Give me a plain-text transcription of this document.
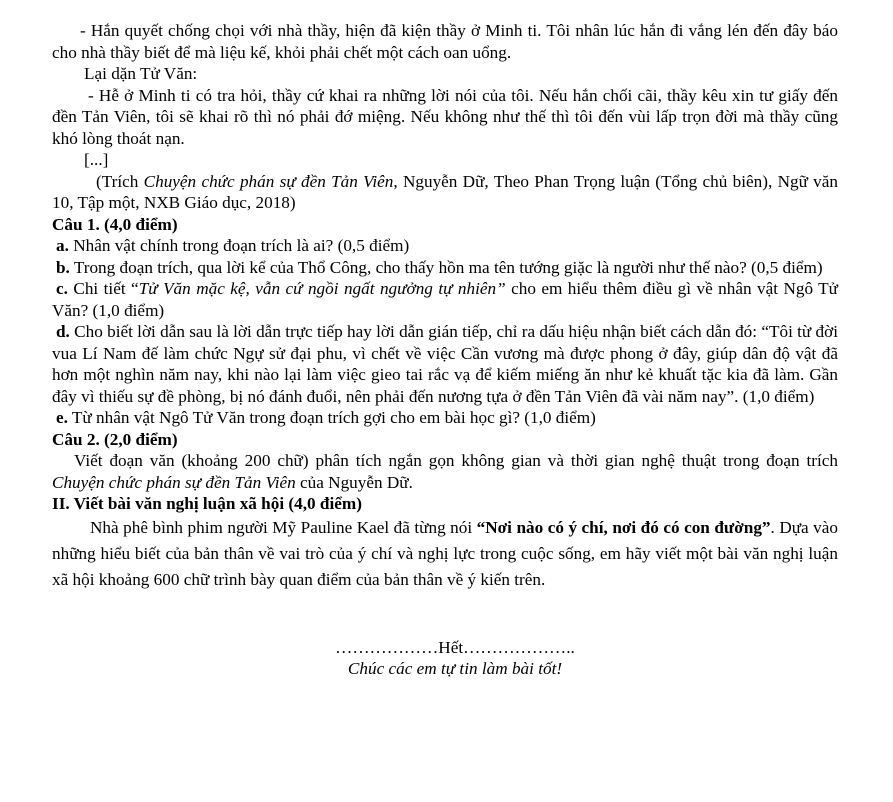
- Hắn quyết chống chọi với nhà thầy, hiện đã kiện thầy ở Minh ti. Tôi nhân lúc hắn đi vắng lén đến đây báo cho nhà thầy biết để mà liệu kế, khỏi phải chết một cách oan uổng.

Lại dặn Tử Văn:

- Hễ ở Minh ti có tra hỏi, thầy cứ khai ra những lời nói của tôi. Nếu hắn chối cãi, thầy kêu xin tư giấy đến đền Tản Viên, tôi sẽ khai rõ thì nó phải đớ miệng. Nếu không như thế thì tôi đến vùi lấp trọn đời mà thầy cũng khó lòng thoát nạn.

[...]

(Trích Chuyện chức phán sự đền Tản Viên, Nguyễn Dữ, Theo Phan Trọng luận (Tổng chủ biên), Ngữ văn 10, Tập một, NXB Giáo dục, 2018)

Câu 1. (4,0 điểm)

a. Nhân vật chính trong đoạn trích là ai? (0,5 điểm)

b. Trong đoạn trích, qua lời kể của Thổ Công, cho thấy hồn ma tên tướng giặc là người như thế nào? (0,5 điểm)

c. Chi tiết “Tử Văn mặc kệ, vẫn cứ ngồi ngất ngưởng tự nhiên” cho em hiểu thêm điều gì về nhân vật Ngô Tử Văn? (1,0 điểm)

d. Cho biết lời dẫn sau là lời dẫn trực tiếp hay lời dẫn gián tiếp, chỉ ra dấu hiệu nhận biết cách dẫn đó: “Tôi từ đời vua Lí Nam đế làm chức Ngự sử đại phu, vì chết về việc Cần vương mà được phong ở đây, giúp dân độ vật đã hơn một nghìn năm nay, khi nào lại làm việc gieo tai rắc vạ để kiếm miếng ăn như kẻ khuất tặc kia đã làm. Gần đây vì thiếu sự đề phòng, bị nó đánh đuổi, nên phải đến nương tựa ở đền Tản Viên đã vài năm nay”. (1,0 điểm)

e. Từ nhân vật Ngô Tử Văn trong đoạn trích gợi cho em bài học gì? (1,0 điểm)

Câu 2. (2,0 điểm)

Viết đoạn văn (khoảng 200 chữ) phân tích ngắn gọn không gian và thời gian nghệ thuật trong đoạn trích Chuyện chức phán sự đền Tản Viên của Nguyễn Dữ.

II. Viết bài văn nghị luận xã hội (4,0 điểm)

Nhà phê bình phim người Mỹ Pauline Kael đã từng nói “Nơi nào có ý chí, nơi đó có con đường”. Dựa vào những hiểu biết của bản thân về vai trò của ý chí và nghị lực trong cuộc sống, em hãy viết một bài văn nghị luận xã hội khoảng 600 chữ trình bày quan điểm của bản thân về ý kiến trên.

………………Hết………………..

Chúc các em tự tin làm bài tốt!
